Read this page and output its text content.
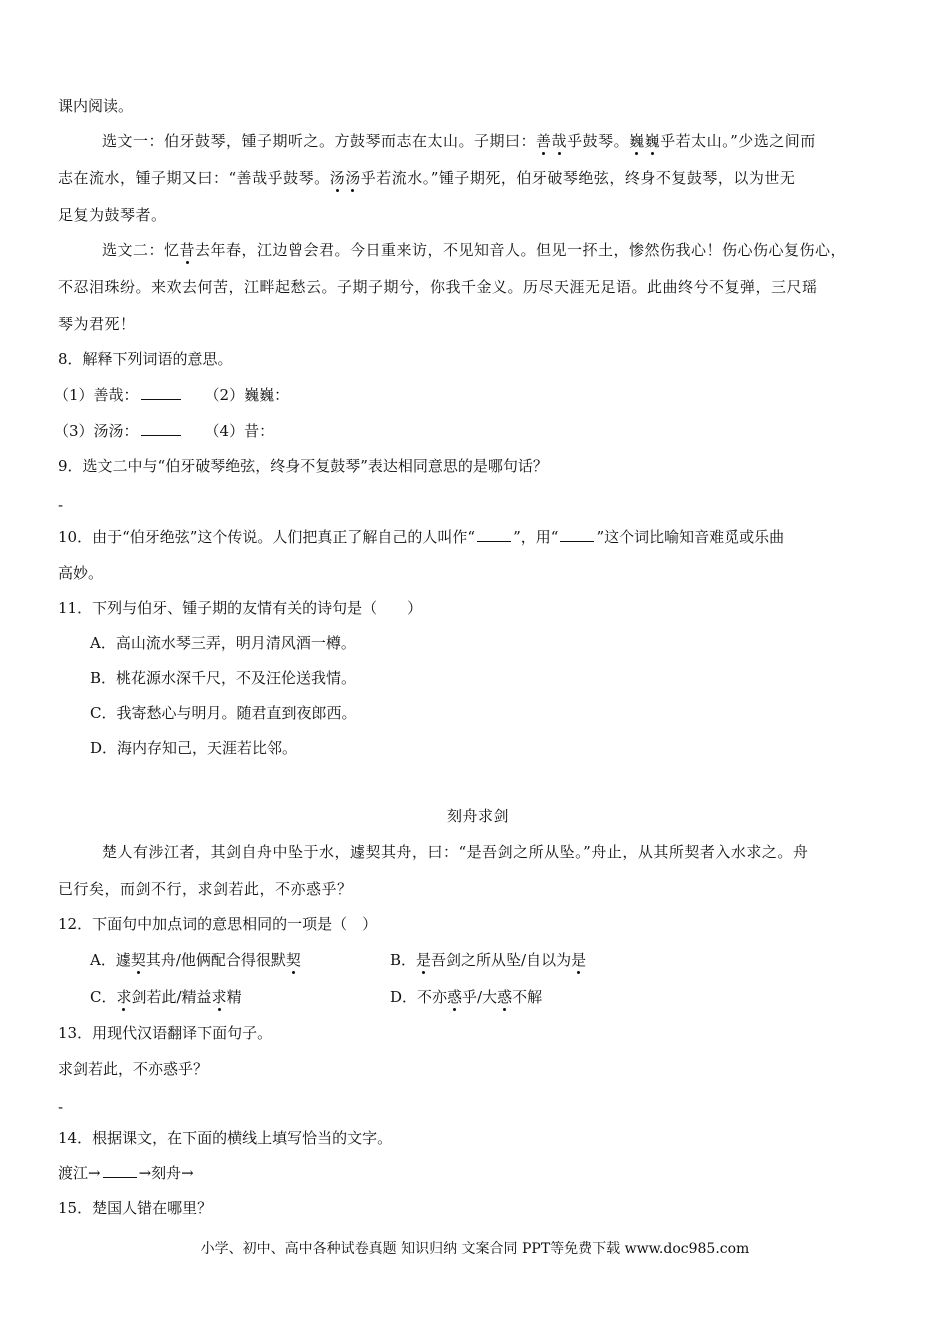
课内阅读。
选文一：伯牙鼓琴，锺子期听之。方鼓琴而志在太山。子期曰：善哉乎鼓琴。巍巍乎若太山。”少选之间而
志在流水，锺子期又曰：“善哉乎鼓琴。汤汤乎若流水。”锺子期死，伯牙破琴绝弦，终身不复鼓琴，以为世无
足复为鼓琴者。
选文二：忆昔去年春，江边曾会君。今日重来访，不见知音人。但见一抔土，惨然伤我心！伤心伤心复伤心，
不忍泪珠纷。来欢去何苦，江畔起愁云。子期子期兮，你我千金义。历尽天涯无足语。此曲终兮不复弹，三尺瑶
琴为君死！
8．解释下列词语的意思。
（1）善哉：	（2）巍巍：
（3）汤汤：	（4）昔：
9．选文二中与“伯牙破琴绝弦，终身不复鼓琴”表达相同意思的是哪句话？
-
10．由于“伯牙绝弦”这个传说。人们把真正了解自己的人叫作“	”，用“	”这个词比喻知音难觅或乐曲
高妙。
11．下列与伯牙、锺子期的友情有关的诗句是（　　）
A．高山流水琴三弄，明月清风酒一樽。
B．桃花源水深千尺，不及汪伦送我情。
C．我寄愁心与明月。随君直到夜郎西。
D．海内存知己，天涯若比邻。
刻舟求剑
楚人有涉江者，其剑自舟中坠于水，遽契其舟，曰：“是吾剑之所从坠。”舟止，从其所契者入水求之。舟
已行矣，而剑不行，求剑若此，不亦惑乎？
12．下面句中加点词的意思相同的一项是（　）
A．遽契其舟/他俩配合得很默契	B．是吾剑之所从坠/自以为是
C．求剑若此/精益求精	D．不亦惑乎/大惑不解
13．用现代汉语翻译下面句子。
求剑若此，不亦惑乎？
-
14．根据课文，在下面的横线上填写恰当的文字。
渡江→	→刻舟→
15．楚国人错在哪里？
小学、初中、高中各种试卷真题 知识归纳 文案合同 PPT等免费下载 www.doc985.com
